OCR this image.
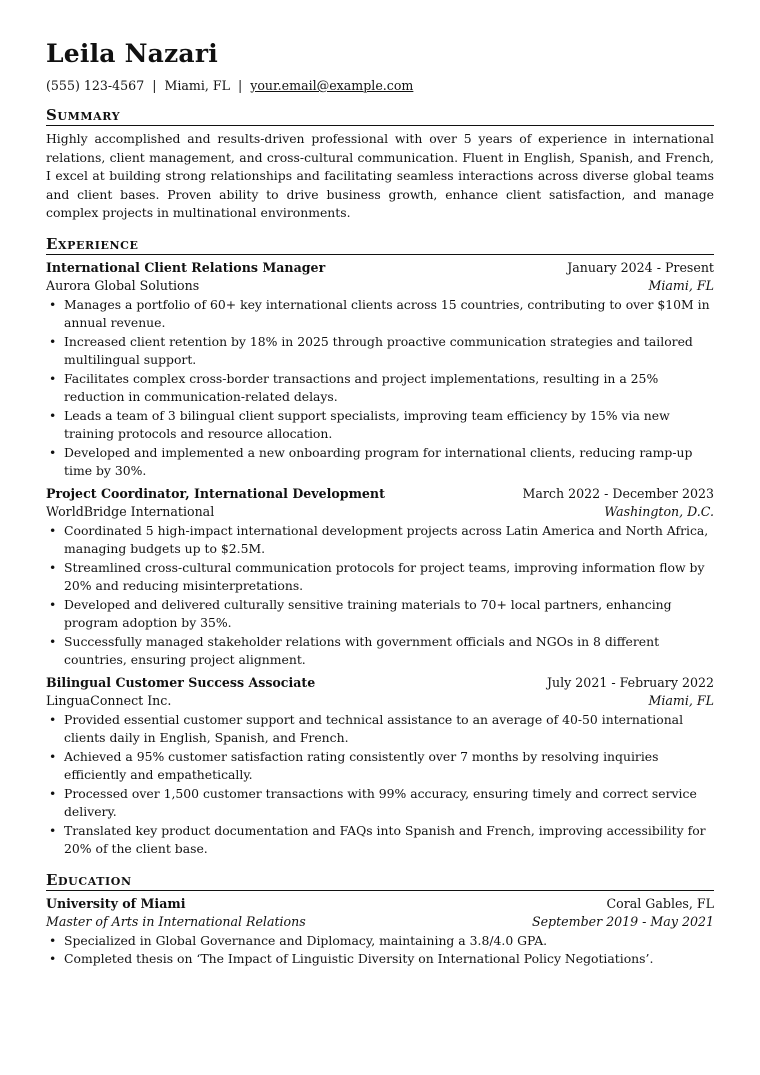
Leila Nazari
(555) 123-4567 | Miami, FL | your.email@example.com
Summary
Highly accomplished and results-driven professional with over 5 years of experience in international relations, client management, and cross-cultural communication. Fluent in English, Spanish, and French, I excel at building strong relationships and facilitating seamless interactions across diverse global teams and client bases. Proven ability to drive business growth, enhance client satisfaction, and manage complex projects in multinational environments.
Experience
International Client Relations Manager	January 2024 - Present
Aurora Global Solutions	Miami, FL
• Manages a portfolio of 60+ key international clients across 15 countries, contributing to over $10M in annual revenue.
• Increased client retention by 18% in 2025 through proactive communication strategies and tailored multilingual support.
• Facilitates complex cross-border transactions and project implementations, resulting in a 25% reduction in communication-related delays.
• Leads a team of 3 bilingual client support specialists, improving team efficiency by 15% via new training protocols and resource allocation.
• Developed and implemented a new onboarding program for international clients, reducing ramp-up time by 30%.
Project Coordinator, International Development	March 2022 - December 2023
WorldBridge International	Washington, D.C.
• Coordinated 5 high-impact international development projects across Latin America and North Africa, managing budgets up to $2.5M.
• Streamlined cross-cultural communication protocols for project teams, improving information flow by 20% and reducing misinterpretations.
• Developed and delivered culturally sensitive training materials to 70+ local partners, enhancing program adoption by 35%.
• Successfully managed stakeholder relations with government officials and NGOs in 8 different countries, ensuring project alignment.
Bilingual Customer Success Associate	July 2021 - February 2022
LinguaConnect Inc.	Miami, FL
• Provided essential customer support and technical assistance to an average of 40-50 international clients daily in English, Spanish, and French.
• Achieved a 95% customer satisfaction rating consistently over 7 months by resolving inquiries efficiently and empathetically.
• Processed over 1,500 customer transactions with 99% accuracy, ensuring timely and correct service delivery.
• Translated key product documentation and FAQs into Spanish and French, improving accessibility for 20% of the client base.
Education
University of Miami	Coral Gables, FL
Master of Arts in International Relations	September 2019 - May 2021
• Specialized in Global Governance and Diplomacy, maintaining a 3.8/4.0 GPA.
• Completed thesis on ‘The Impact of Linguistic Diversity on International Policy Negotiations’.
